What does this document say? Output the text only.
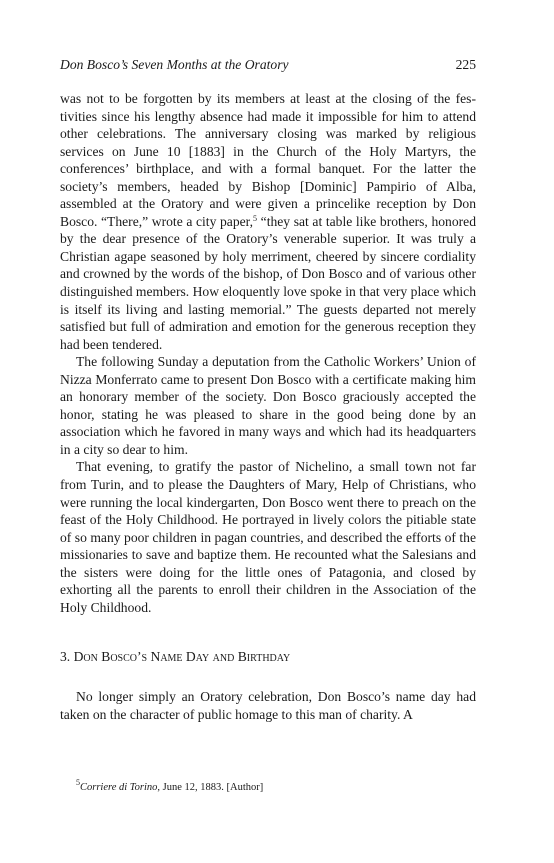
Don Bosco’s Seven Months at the Oratory	225

was not to be forgotten by its members at least at the closing of the festivities since his lengthy absence had made it impossible for him to attend other celebrations. The anniversary closing was marked by religious services on June 10 [1883] in the Church of the Holy Martyrs, the conferences’ birthplace, and with a formal banquet. For the latter the society’s members, headed by Bishop [Dominic] Pampirio of Alba, assembled at the Oratory and were given a princelike reception by Don Bosco. “There,” wrote a city paper,$^5$ “they sat at table like brothers, honored by the dear presence of the Oratory’s venerable superior. It was truly a Christian agape seasoned by holy merriment, cheered by sincere cordiality and crowned by the words of the bishop, of Don Bosco and of various other distinguished members. How eloquently love spoke in that very place which is itself its living and lasting memorial.” The guests departed not merely satisfied but full of admiration and emotion for the generous reception they had been tendered.

The following Sunday a deputation from the Catholic Workers’ Union of Nizza Monferrato came to present Don Bosco with a certificate making him an honorary member of the society. Don Bosco graciously accepted the honor, stating he was pleased to share in the good being done by an association which he favored in many ways and which had its headquarters in a city so dear to him.

That evening, to gratify the pastor of Nichelino, a small town not far from Turin, and to please the Daughters of Mary, Help of Christians, who were running the local kindergarten, Don Bosco went there to preach on the feast of the Holy Childhood. He portrayed in lively colors the pitiable state of so many poor children in pagan countries, and described the efforts of the missionaries to save and baptize them. He recounted what the Salesians and the sisters were doing for the little ones of Patagonia, and closed by exhorting all the parents to enroll their children in the Association of the Holy Childhood.

3. Don Bosco’s Name Day and Birthday

No longer simply an Oratory celebration, Don Bosco’s name day had taken on the character of public homage to this man of charity. A

$^5$Corriere di Torino, June 12, 1883. [Author]
